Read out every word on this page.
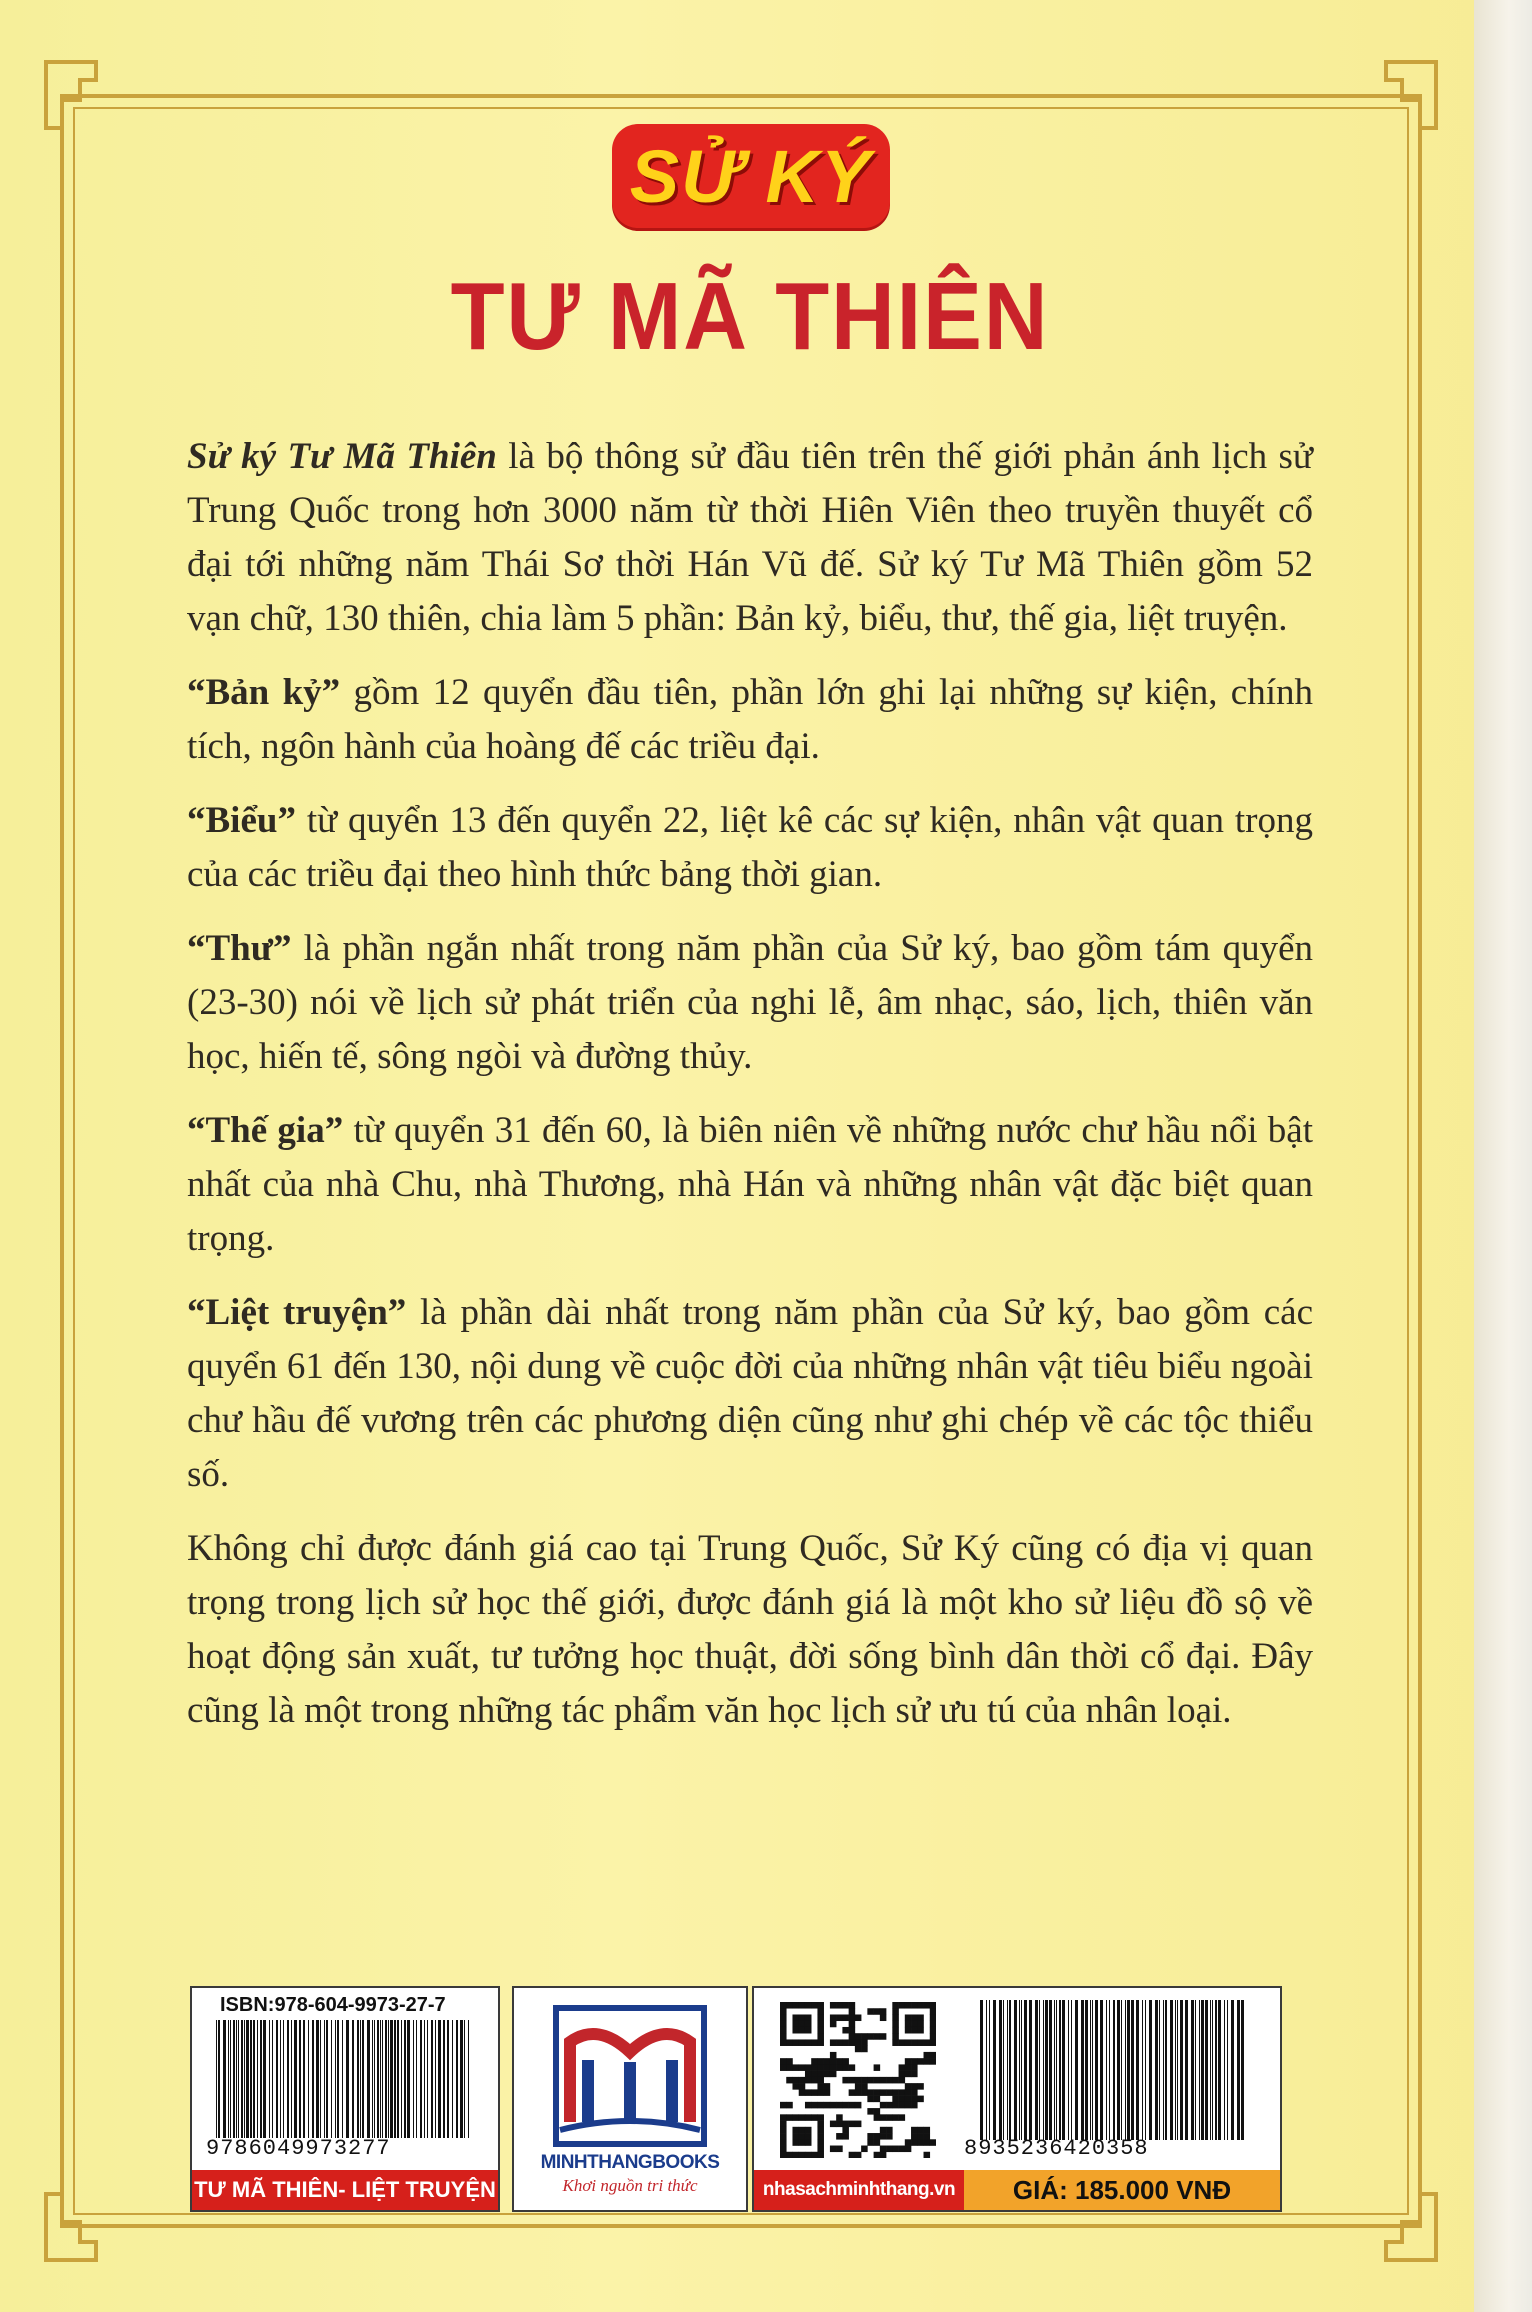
SỬ KÝ
TƯ MÃ THIÊN

Sử ký Tư Mã Thiên là bộ thông sử đầu tiên trên thế giới phản ánh lịch sử Trung Quốc trong hơn 3000 năm từ thời Hiên Viên theo truyền thuyết cổ đại tới những năm Thái Sơ thời Hán Vũ đế. Sử ký Tư Mã Thiên gồm 52 vạn chữ, 130 thiên, chia làm 5 phần: Bản kỷ, biểu, thư, thế gia, liệt truyện.

“Bản kỷ” gồm 12 quyển đầu tiên, phần lớn ghi lại những sự kiện, chính tích, ngôn hành của hoàng đế các triều đại.

“Biểu” từ quyển 13 đến quyển 22, liệt kê các sự kiện, nhân vật quan trọng của các triều đại theo hình thức bảng thời gian.

“Thư” là phần ngắn nhất trong năm phần của Sử ký, bao gồm tám quyển (23-30) nói về lịch sử phát triển của nghi lễ, âm nhạc, sáo, lịch, thiên văn học, hiến tế, sông ngòi và đường thủy.

“Thế gia” từ quyển 31 đến 60, là biên niên về những nước chư hầu nổi bật nhất của nhà Chu, nhà Thương, nhà Hán và những nhân vật đặc biệt quan trọng.

“Liệt truyện” là phần dài nhất trong năm phần của Sử ký, bao gồm các quyển 61 đến 130, nội dung về cuộc đời của những nhân vật tiêu biểu ngoài chư hầu đế vương trên các phương diện cũng như ghi chép về các tộc thiểu số.

Không chỉ được đánh giá cao tại Trung Quốc, Sử Ký cũng có địa vị quan trọng trong lịch sử học thế giới, được đánh giá là một kho sử liệu đồ sộ về hoạt động sản xuất, tư tưởng học thuật, đời sống bình dân thời cổ đại. Đây cũng là một trong những tác phẩm văn học lịch sử ưu tú của nhân loại.

ISBN:978-604-9973-27-7
9786049973277
TƯ MÃ THIÊN- LIỆT TRUYỆN
MINHTHANGBOOKS
Khơi nguồn tri thức
8935236420358
nhasachminhthang.vn	GIÁ: 185.000 VNĐ
